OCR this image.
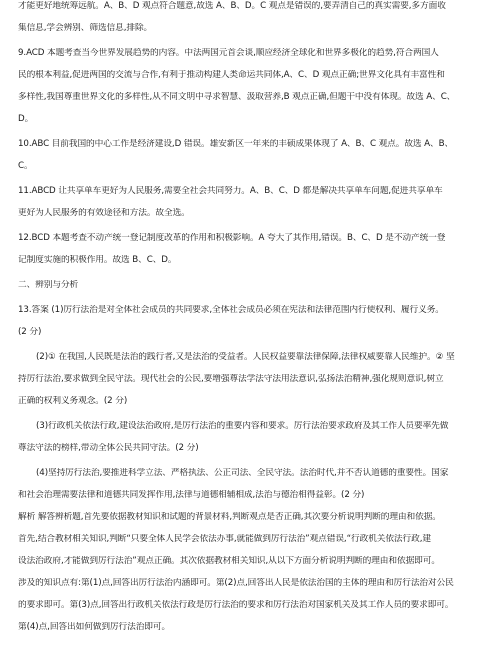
才能更好地统筹远航。A、B、D 观点符合题意,故选 A、B、D。C 观点是错误的,要弄清自己的真实需要,多方面收
集信息,学会辨别、筛选信息,排除。
9.ACD 本题考查当今世界发展趋势的内容。中法两国元首会谈,顺应经济全球化和世界多极化的趋势,符合两国人
民的根本利益,促进两国的交流与合作,有利于推动构建人类命运共同体,A、C、D 观点正确;世界文化具有丰富性和
多样性,我国尊重世界文化的多样性,从不同文明中寻求智慧、汲取营养,B 观点正确,但题干中没有体现。故选 A、C、
D。
10.ABC 目前我国的中心工作是经济建设,D 错误。雄安新区一年来的丰硕成果体现了 A、B、C 观点。故选 A、B、
C。
11.ABCD 让共享单车更好为人民服务,需要全社会共同努力。A、B、C、D 都是解决共享单车问题,促进共享单车
更好为人民服务的有效途径和方法。故全选。
12.BCD 本题考查不动产统一登记制度改革的作用和积极影响。A 夸大了其作用,错误。B、C、D 是不动产统一登
记制度实施的积极作用。故选 B、C、D。
二、辨别与分析
13.答案 (1)厉行法治是对全体社会成员的共同要求,全体社会成员必须在宪法和法律范围内行使权利、履行义务。
(2 分)
(2)① 在我国,人民既是法治的践行者,又是法治的受益者。人民权益要靠法律保障,法律权威要靠人民维护。② 坚
持厉行法治,要求做到全民守法。现代社会的公民,要增强尊法学法守法用法意识,弘扬法治精神,强化规则意识,树立
正确的权利义务观念。(2 分)
(3)行政机关依法行政,建设法治政府,是厉行法治的重要内容和要求。厉行法治要求政府及其工作人员要率先做
尊法守法的榜样,带动全体公民共同守法。(2 分)
(4)坚持厉行法治,要推进科学立法、严格执法、公正司法、全民守法。法治时代,并不否认道德的重要性。国家
和社会治理需要法律和道德共同发挥作用,法律与道德相辅相成,法治与德治相得益彰。(2 分)
解析 解答辨析题,首先要依据教材知识和试题的背景材料,判断观点是否正确,其次要分析说明判断的理由和依据。
首先,结合教材相关知识,判断“只要全体人民学会依法办事,就能做到厉行法治”观点错误,“行政机关依法行政,建
设法治政府,才能做到厉行法治”观点正确。其次依据教材相关知识,从以下方面分析说明判断的理由和依据即可。
涉及的知识点有:第(1)点,回答出厉行法治内涵即可。第(2)点,回答出人民是依法治国的主体的理由和厉行法治对公民
的要求即可。第(3)点,回答出行政机关依法行政是厉行法治的要求和厉行法治对国家机关及其工作人员的要求即可。
第(4)点,回答出如何做到厉行法治即可。
